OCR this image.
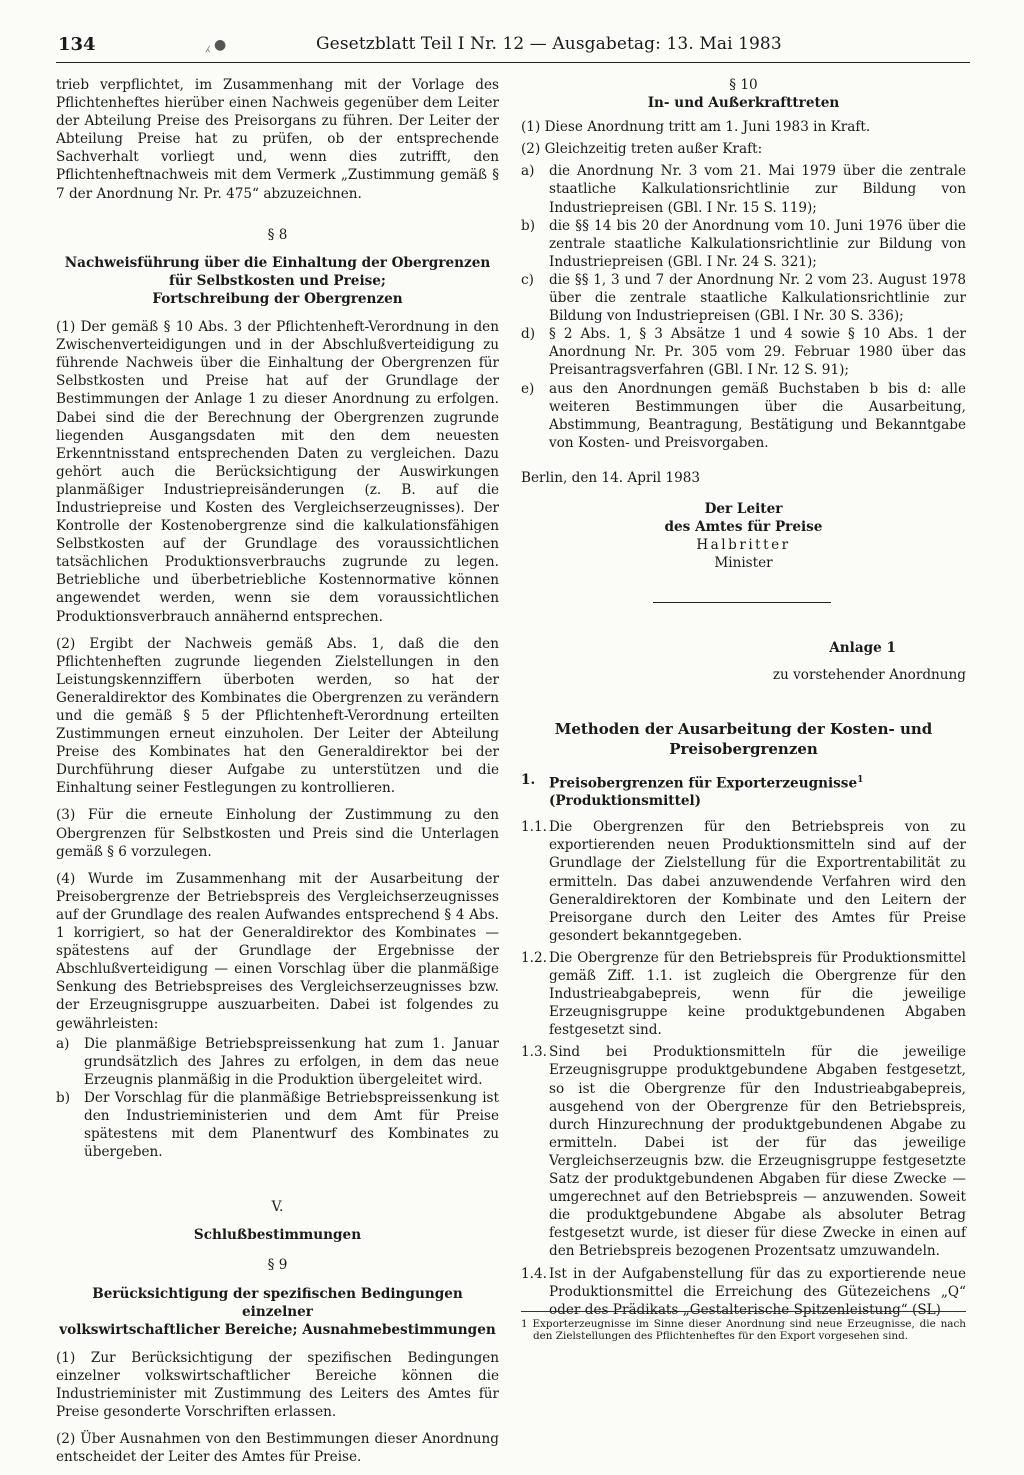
134	⁁ ●	Gesetzblatt Teil I Nr. 12 — Ausgabetag: 13. Mai 1983

trieb verpflichtet, im Zusammenhang mit der Vorlage des Pflichtenheftes hierüber einen Nachweis gegenüber dem Leiter der Abteilung Preise des Preisorgans zu führen. Der Leiter der Abteilung Preise hat zu prüfen, ob der entsprechende Sachverhalt vorliegt und, wenn dies zutrifft, den Pflichtenheftnachweis mit dem Vermerk „Zustimmung gemäß § 7 der Anordnung Nr. Pr. 475“ abzuzeichnen.

§ 8

Nachweisführung über die Einhaltung der Obergrenzen

für Selbstkosten und Preise;

Fortschreibung der Obergrenzen

(1) Der gemäß § 10 Abs. 3 der Pflichtenheft-Verordnung in den Zwischenverteidigungen und in der Abschlußverteidigung zu führende Nachweis über die Einhaltung der Obergrenzen für Selbstkosten und Preise hat auf der Grundlage der Bestimmungen der Anlage 1 zu dieser Anordnung zu erfolgen. Dabei sind die der Berechnung der Obergrenzen zugrunde liegenden Ausgangsdaten mit den dem neuesten Erkenntnisstand entsprechenden Daten zu vergleichen. Dazu gehört auch die Berücksichtigung der Auswirkungen planmäßiger Industriepreisänderungen (z. B. auf die Industriepreise und Kosten des Vergleichserzeugnisses). Der Kontrolle der Kostenobergrenze sind die kalkulationsfähigen Selbstkosten auf der Grundlage des voraussichtlichen tatsächlichen Produktionsverbrauchs zugrunde zu legen. Betriebliche und überbetriebliche Kostennormative können angewendet werden, wenn sie dem voraussichtlichen Produktionsverbrauch annähernd entsprechen.

(2) Ergibt der Nachweis gemäß Abs. 1, daß die den Pflichtenheften zugrunde liegenden Zielstellungen in den Leistungskennziffern überboten werden, so hat der Generaldirektor des Kombinates die Obergrenzen zu verändern und die gemäß § 5 der Pflichtenheft-Verordnung erteilten Zustimmungen erneut einzuholen. Der Leiter der Abteilung Preise des Kombinates hat den Generaldirektor bei der Durchführung dieser Aufgabe zu unterstützen und die Einhaltung seiner Festlegungen zu kontrollieren.

(3) Für die erneute Einholung der Zustimmung zu den Obergrenzen für Selbstkosten und Preis sind die Unterlagen gemäß § 6 vorzulegen.

(4) Wurde im Zusammenhang mit der Ausarbeitung der Preisobergrenze der Betriebspreis des Vergleichserzeugnisses auf der Grundlage des realen Aufwandes entsprechend § 4 Abs. 1 korrigiert, so hat der Generaldirektor des Kombinates — spätestens auf der Grundlage der Ergebnisse der Abschlußverteidigung — einen Vorschlag über die planmäßige Senkung des Betriebspreises des Vergleichserzeugnisses bzw. der Erzeugnisgruppe auszuarbeiten. Dabei ist folgendes zu gewährleisten:

a)	Die planmäßige Betriebspreissenkung hat zum 1. Januar grundsätzlich des Jahres zu erfolgen, in dem das neue Erzeugnis planmäßig in die Produktion übergeleitet wird.
b)	Der Vorschlag für die planmäßige Betriebspreissenkung ist den Industrieministerien und dem Amt für Preise spätestens mit dem Planentwurf des Kombinates zu übergeben.

V.

Schlußbestimmungen

§ 9

Berücksichtigung der spezifischen Bedingungen einzelner

volkswirtschaftlicher Bereiche; Ausnahmebestimmungen

(1) Zur Berücksichtigung der spezifischen Bedingungen einzelner volkswirtschaftlicher Bereiche können die Industrieminister mit Zustimmung des Leiters des Amtes für Preise gesonderte Vorschriften erlassen.

(2) Über Ausnahmen von den Bestimmungen dieser Anordnung entscheidet der Leiter des Amtes für Preise.

§ 10

In- und Außerkrafttreten

(1) Diese Anordnung tritt am 1. Juni 1983 in Kraft.

(2) Gleichzeitig treten außer Kraft:

a)	die Anordnung Nr. 3 vom 21. Mai 1979 über die zentrale staatliche Kalkulationsrichtlinie zur Bildung von Industriepreisen (GBl. I Nr. 15 S. 119);
b)	die §§ 14 bis 20 der Anordnung vom 10. Juni 1976 über die zentrale staatliche Kalkulationsrichtlinie zur Bildung von Industriepreisen (GBl. I Nr. 24 S. 321);
c)	die §§ 1, 3 und 7 der Anordnung Nr. 2 vom 23. August 1978 über die zentrale staatliche Kalkulationsrichtlinie zur Bildung von Industriepreisen (GBl. I Nr. 30 S. 336);
d)	§ 2 Abs. 1, § 3 Absätze 1 und 4 sowie § 10 Abs. 1 der Anordnung Nr. Pr. 305 vom 29. Februar 1980 über das Preisantragsverfahren (GBl. I Nr. 12 S. 91);
e)	aus den Anordnungen gemäß Buchstaben b bis d: alle weiteren Bestimmungen über die Ausarbeitung, Abstimmung, Beantragung, Bestätigung und Bekanntgabe von Kosten- und Preisvorgaben.

Berlin, den 14. April 1983

Der Leiter

des Amtes für Preise

Halbritter

Minister

Anlage 1

zu vorstehender Anordnung

Methoden der Ausarbeitung der Kosten- und
Preisobergrenzen
1.	Preisobergrenzen für Exporterzeugnisse$^1$
(Produktionsmittel)
1.1. Die Obergrenzen für den Betriebspreis von zu exportierenden neuen Produktionsmitteln sind auf der Grundlage der Zielstellung für die Exportrentabilität zu ermitteln. Das dabei anzuwendende Verfahren wird den Generaldirektoren der Kombinate und den Leitern der Preisorgane durch den Leiter des Amtes für Preise gesondert bekanntgegeben.
1.2. Die Obergrenze für den Betriebspreis für Produktionsmittel gemäß Ziff. 1.1. ist zugleich die Obergrenze für den Industrieabgabepreis, wenn für die jeweilige Erzeugnisgruppe keine produktgebundenen Abgaben festgesetzt sind.
1.3. Sind bei Produktionsmitteln für die jeweilige Erzeugnisgruppe produktgebundene Abgaben festgesetzt, so ist die Obergrenze für den Industrieabgabepreis, ausgehend von der Obergrenze für den Betriebspreis, durch Hinzurechnung der produktgebundenen Abgabe zu ermitteln. Dabei ist der für das jeweilige Vergleichserzeugnis bzw. die Erzeugnisgruppe festgesetzte Satz der produktgebundenen Abgaben für diese Zwecke — umgerechnet auf den Betriebspreis — anzuwenden. Soweit die produktgebundene Abgabe als absoluter Betrag festgesetzt wurde, ist dieser für diese Zwecke in einen auf den Betriebspreis bezogenen Prozentsatz umzuwandeln.
1.4. Ist in der Aufgabenstellung für das zu exportierende neue Produktionsmittel die Erreichung des Gütezeichens „Q“ oder des Prädikats „Gestalterische Spitzenleistung“ (SL)

1 Exporterzeugnisse im Sinne dieser Anordnung sind neue Erzeugnisse, die nach den Zielstellungen des Pflichtenheftes für den Export vorgesehen sind.
